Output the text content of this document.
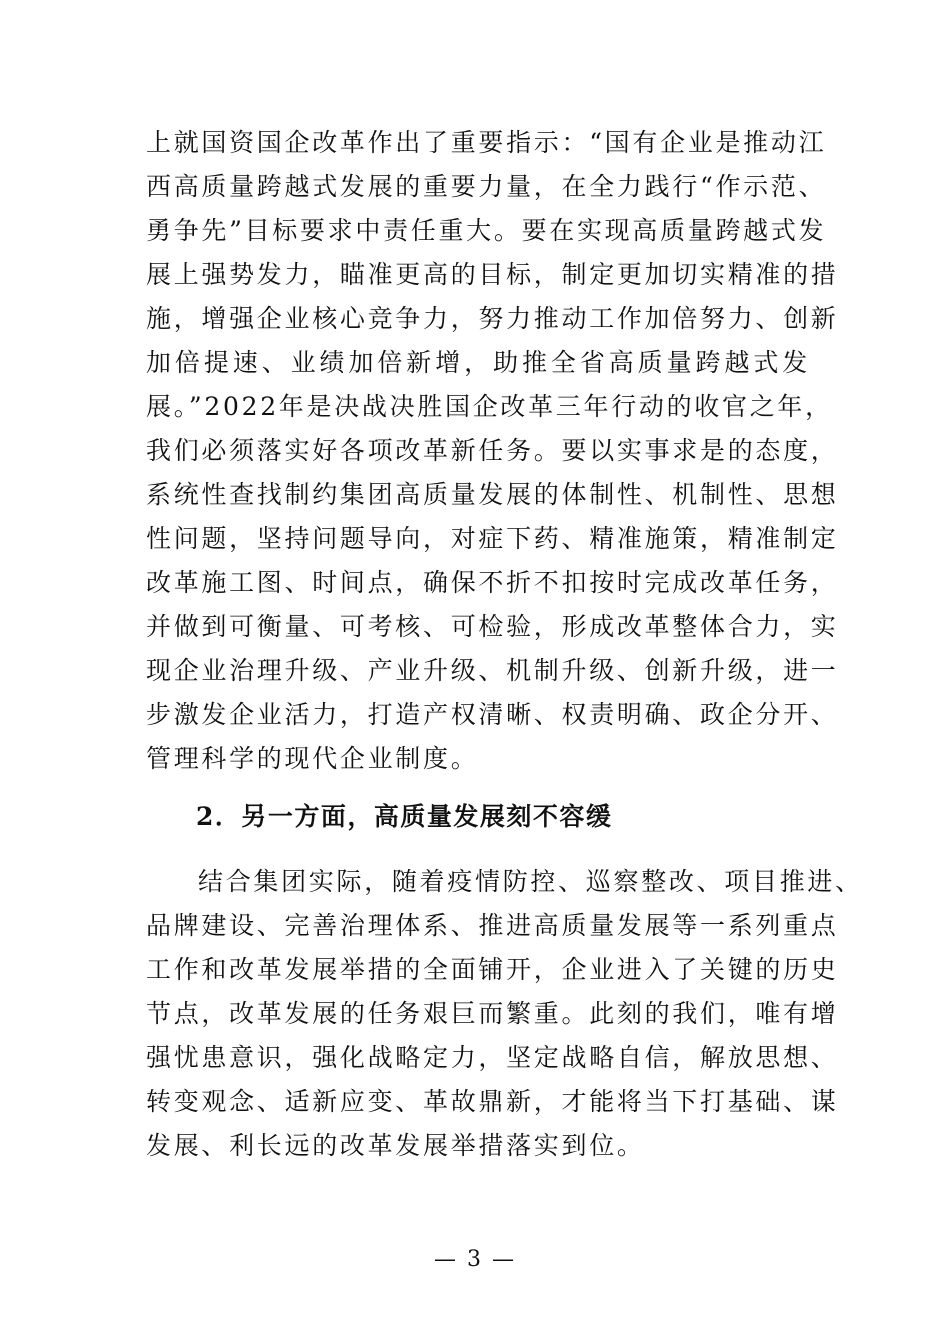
上就国资国企改革作出了重要指示：“国有企业是推动江
西高质量跨越式发展的重要力量，在全力践行“作示范、
勇争先”目标要求中责任重大。要在实现高质量跨越式发
展上强势发力，瞄准更高的目标，制定更加切实精准的措
施，增强企业核心竞争力，努力推动工作加倍努力、创新
加倍提速、业绩加倍新增，助推全省高质量跨越式发
展。”2022年是决战决胜国企改革三年行动的收官之年，
我们必须落实好各项改革新任务。要以实事求是的态度，
系统性查找制约集团高质量发展的体制性、机制性、思想
性问题，坚持问题导向，对症下药、精准施策，精准制定
改革施工图、时间点，确保不折不扣按时完成改革任务，
并做到可衡量、可考核、可检验，形成改革整体合力，实
现企业治理升级、产业升级、机制升级、创新升级，进一
步激发企业活力，打造产权清晰、权责明确、政企分开、
管理科学的现代企业制度。
2．另一方面，高质量发展刻不容缓
结合集团实际，随着疫情防控、巡察整改、项目推进、
品牌建设、完善治理体系、推进高质量发展等一系列重点
工作和改革发展举措的全面铺开，企业进入了关键的历史
节点，改革发展的任务艰巨而繁重。此刻的我们，唯有增
强忧患意识，强化战略定力，坚定战略自信，解放思想、
转变观念、适新应变、革故鼎新，才能将当下打基础、谋
发展、利长远的改革发展举措落实到位。
— 3 —
